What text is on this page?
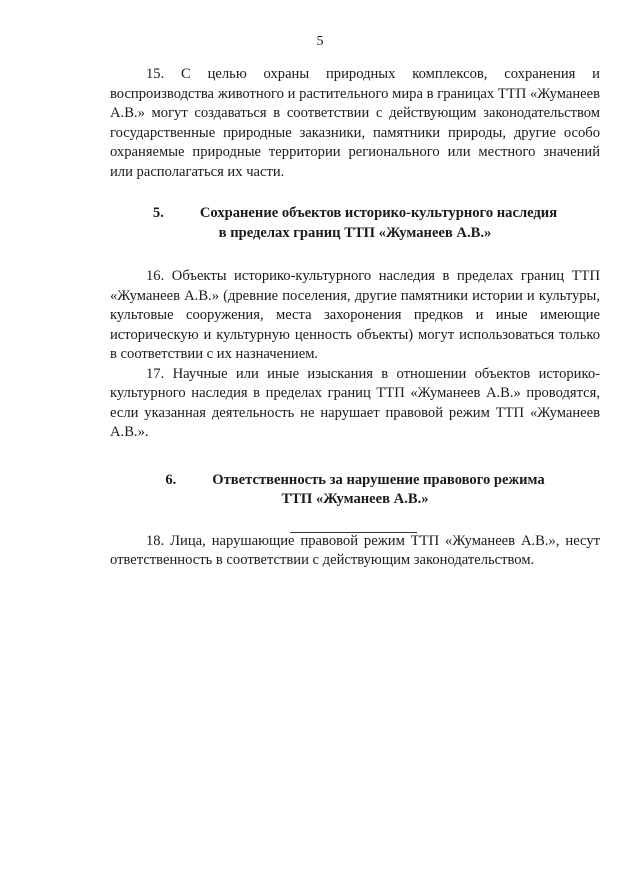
5

15. С целью охраны природных комплексов, сохранения и воспроизводства животного и растительного мира в границах ТТП «Жуманеев А.В.» могут создаваться в соответствии с действующим законодательством государственные природные заказники, памятники природы, другие особо охраняемые природные территории регионального или местного значений или располагаться их части.

5. Сохранение объектов историко-культурного наследия
в пределах границ ТТП «Жуманеев А.В.»

16. Объекты историко-культурного наследия в пределах границ ТТП «Жуманеев А.В.» (древние поселения, другие памятники истории и культуры, культовые сооружения, места захоронения предков и иные имеющие историческую и культурную ценность объекты) могут использоваться только в соответствии с их назначением.

17. Научные или иные изыскания в отношении объектов историко-культурного наследия в пределах границ ТТП «Жуманеев А.В.» проводятся, если указанная деятельность не нарушает правовой режим ТТП «Жуманеев А.В.».

6. Ответственность за нарушение правового режима
ТТП «Жуманеев А.В.»

18. Лица, нарушающие правовой режим ТТП «Жуманеев А.В.», несут ответственность в соответствии с действующим законодательством.
